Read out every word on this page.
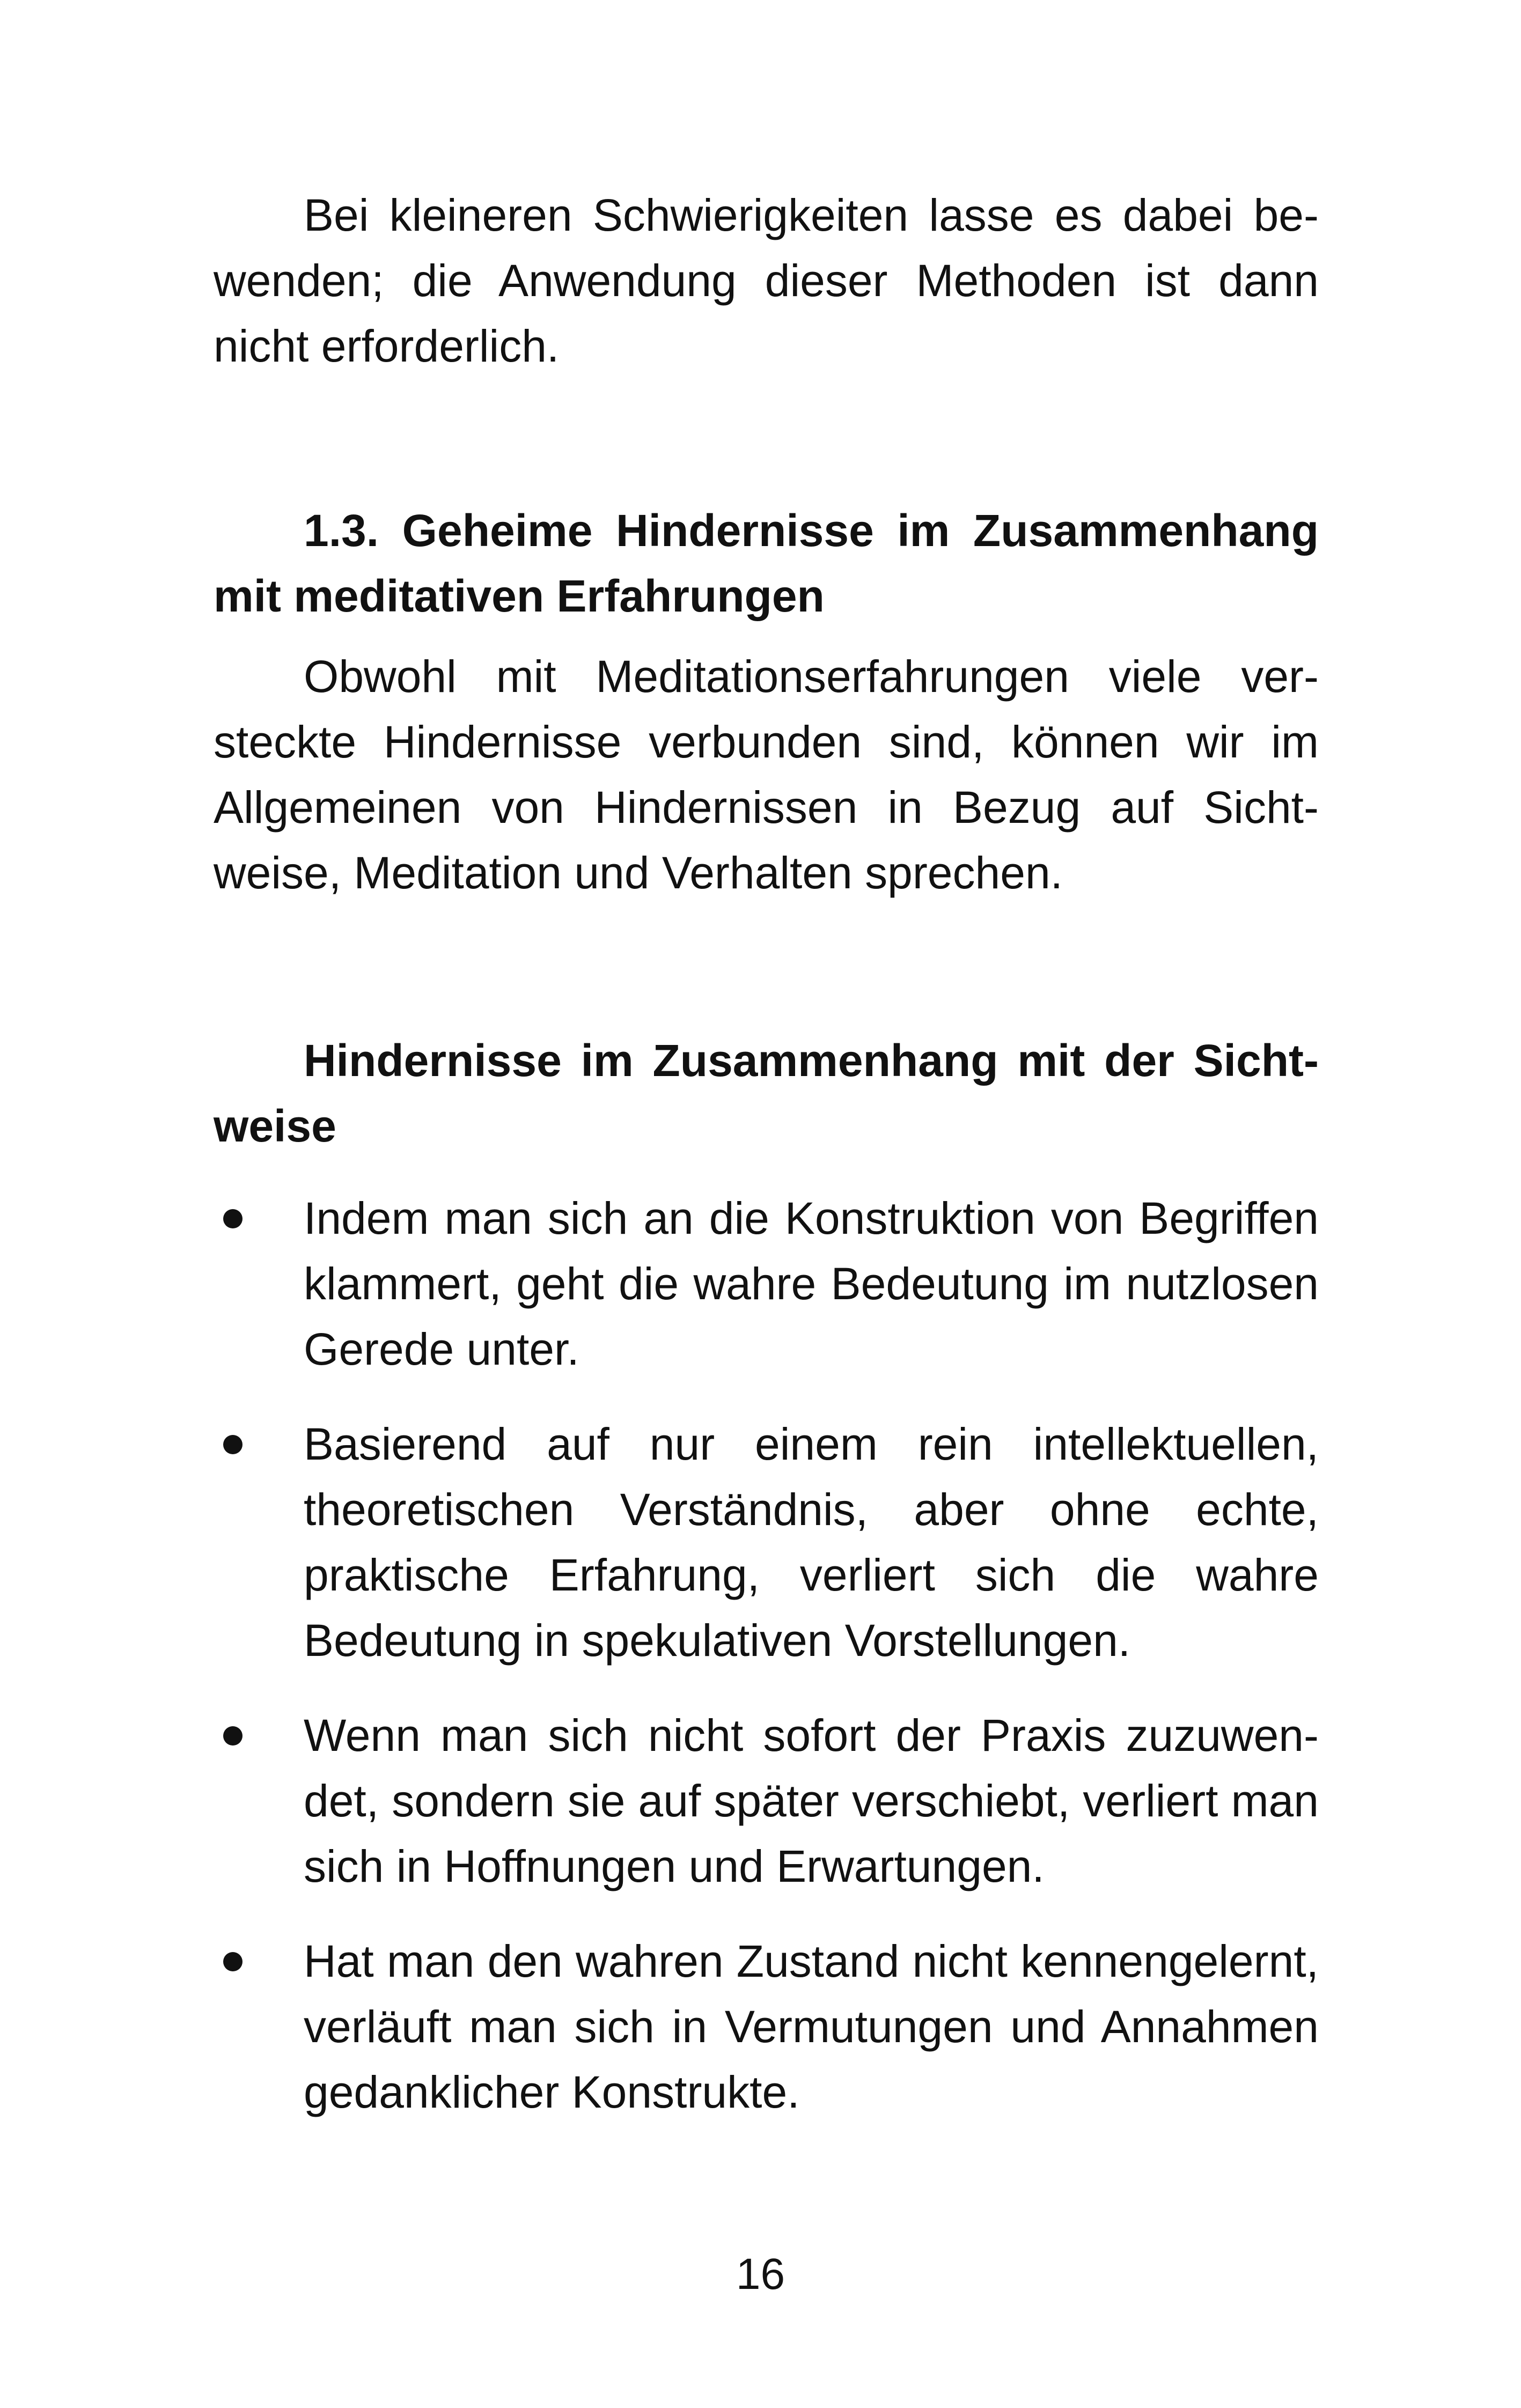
Bei kleineren Schwierigkeiten lasse es dabei bewenden; die Anwendung dieser Methoden ist dann nicht erforderlich.

1.3. Geheime Hindernisse im Zusammenhang mit meditativen Erfahrungen

Obwohl mit Meditationserfahrungen viele versteckte Hindernisse verbunden sind, können wir im Allgemeinen von Hindernissen in Bezug auf Sichtweise, Meditation und Verhalten sprechen.

Hindernisse im Zusammenhang mit der Sichtweise
Indem man sich an die Konstruktion von Begriffen klammert, geht die wahre Bedeutung im nutzlosen Gerede unter.
Basierend auf nur einem rein intellektuellen, theoretischen Verständnis, aber ohne echte, praktische Erfahrung, verliert sich die wahre Bedeutung in spekulativen Vorstellungen.
Wenn man sich nicht sofort der Praxis zuzuwendet, sondern sie auf später verschiebt, verliert man sich in Hoffnungen und Erwartungen.
Hat man den wahren Zustand nicht kennengelernt, verläuft man sich in Vermutungen und Annahmen gedanklicher Konstrukte.
16
